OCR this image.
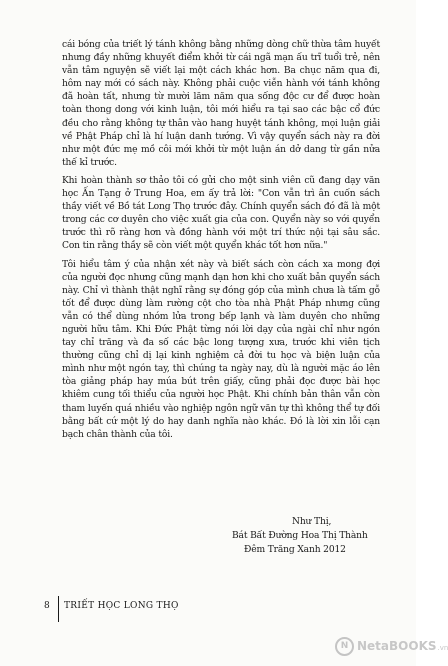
cái bóng của triết lý tánh không bằng những dòng chữ thừa tâm huyết nhưng đầy những khuyết điểm khởi từ cái ngã mạn ấu trĩ tuổi trẻ, nên vẫn tâm nguyện sẽ viết lại một cách khác hơn. Ba chục năm qua đi, hôm nay mới có sách này. Không phải cuộc viễn hành với tánh không đã hoàn tất, nhưng từ mười lăm năm qua sống độc cư để được hoàn toàn thong dong với kinh luận, tôi mới hiểu ra tại sao các bậc cổ đức đều cho rằng không tự thân vào hang huyệt tánh không, mọi luận giải về Phật Pháp chỉ là hí luận danh tướng. Vì vậy quyển sách này ra đời như một đức mẹ mồ côi mới khởi từ một luận án dở dang từ gần nửa thế kỉ trước.

Khi hoàn thành sơ thảo tôi có gửi cho một sinh viên cũ đang dạy văn học Ấn Tạng ở Trung Hoa, em ấy trả lời: "Con vẫn trì ân cuốn sách thầy viết về Bồ tát Long Thọ trước đây. Chính quyển sách đó đã là một trong các cơ duyên cho việc xuất gia của con. Quyển này so với quyển trước thì rõ ràng hơn và đồng hành với một trí thức nội tại sâu sắc. Con tin rằng thầy sẽ còn viết một quyển khác tốt hơn nữa."

Tôi hiểu tâm ý của nhận xét này và biết sách còn cách xa mong đợi của người đọc nhưng cũng mạnh dạn hơn khi cho xuất bản quyển sách này. Chỉ vì thành thật nghĩ rằng sự đóng góp của mình chưa là tấm gỗ tốt để được dùng làm rường cột cho tòa nhà Phật Pháp nhưng cũng vẫn có thể dùng nhóm lửa trong bếp lạnh và làm duyên cho những người hữu tâm. Khi Đức Phật từng nói lời dạy của ngài chỉ như ngón tay chỉ trăng và đa số các bậc long tượng xưa, trước khi viên tịch thường cũng chỉ dị lại kinh nghiệm cả đời tu học và biện luận của mình như một ngón tay, thì chúng ta ngày nay, dù là người mặc áo lên tòa giảng pháp hay múa bút trên giấy, cũng phải đọc được bài học khiêm cung tối thiểu của người học Phật. Khi chính bản thân vẫn còn tham luyến quá nhiều vào nghiệp ngôn ngữ văn tự thì không thể tự đối bằng bất cứ một lý do hay danh nghĩa nào khác. Đó là lời xin lỗi cạn bạch chân thành của tôi.

Như Thị,
Bát Bất Đường Hoa Thị Thành
Đêm Trăng Xanh 2012
8 TRIẾT HỌC LONG THỌ
N NetaBOOKS .vn
